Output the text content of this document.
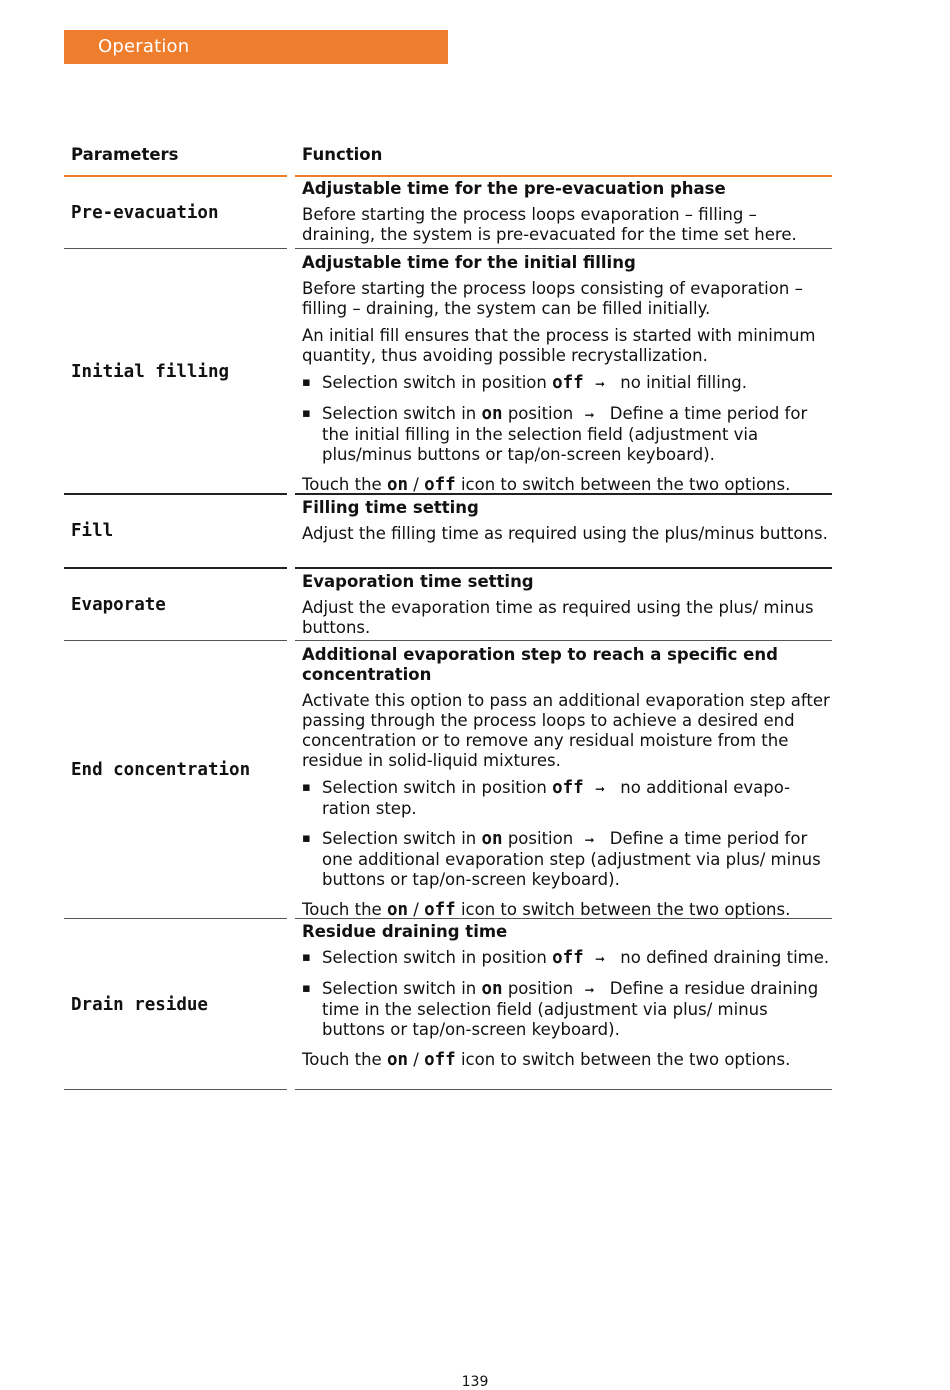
Operation
Parameters	Function
Pre-evacuation

Adjustable time for the pre-evacuation phase

Before starting the process loops evaporation – filling – draining, the system is pre-evacuated for the time set here.

Initial filling

Adjustable time for the initial filling

Before starting the process loops consisting of evaporation – filling – draining, the system can be filled initially.

An initial fill ensures that the process is started with minimum quantity, thus avoiding possible recrystallization.

▪ Selection switch in position off ➞ no initial filling.
▪ Selection switch in on position ➞ Define a time period for the initial filling in the selection field (adjustment via plus/minus buttons or tap/on-screen keyboard).

Touch the on / off icon to switch between the two options.

Fill

Filling time setting

Adjust the filling time as required using the plus/minus buttons.

Evaporate

Evaporation time setting

Adjust the evaporation time as required using the plus/ minus buttons.

End concentration

Additional evaporation step to reach a specific end concentration

Activate this option to pass an additional evaporation step after passing through the process loops to achieve a desired end concentration or to remove any residual moisture from the residue in solid-liquid mixtures.

▪ Selection switch in position off ➞ no additional evapo- ration step.
▪ Selection switch in on position ➞ Define a time period for one additional evaporation step (adjustment via plus/ minus buttons or tap/on-screen keyboard).

Touch the on / off icon to switch between the two options.

Drain residue

Residue draining time

▪ Selection switch in position off ➞ no defined draining time.
▪ Selection switch in on position ➞ Define a residue draining time in the selection field (adjustment via plus/ minus buttons or tap/on-screen keyboard).

Touch the on / off icon to switch between the two options.

139
